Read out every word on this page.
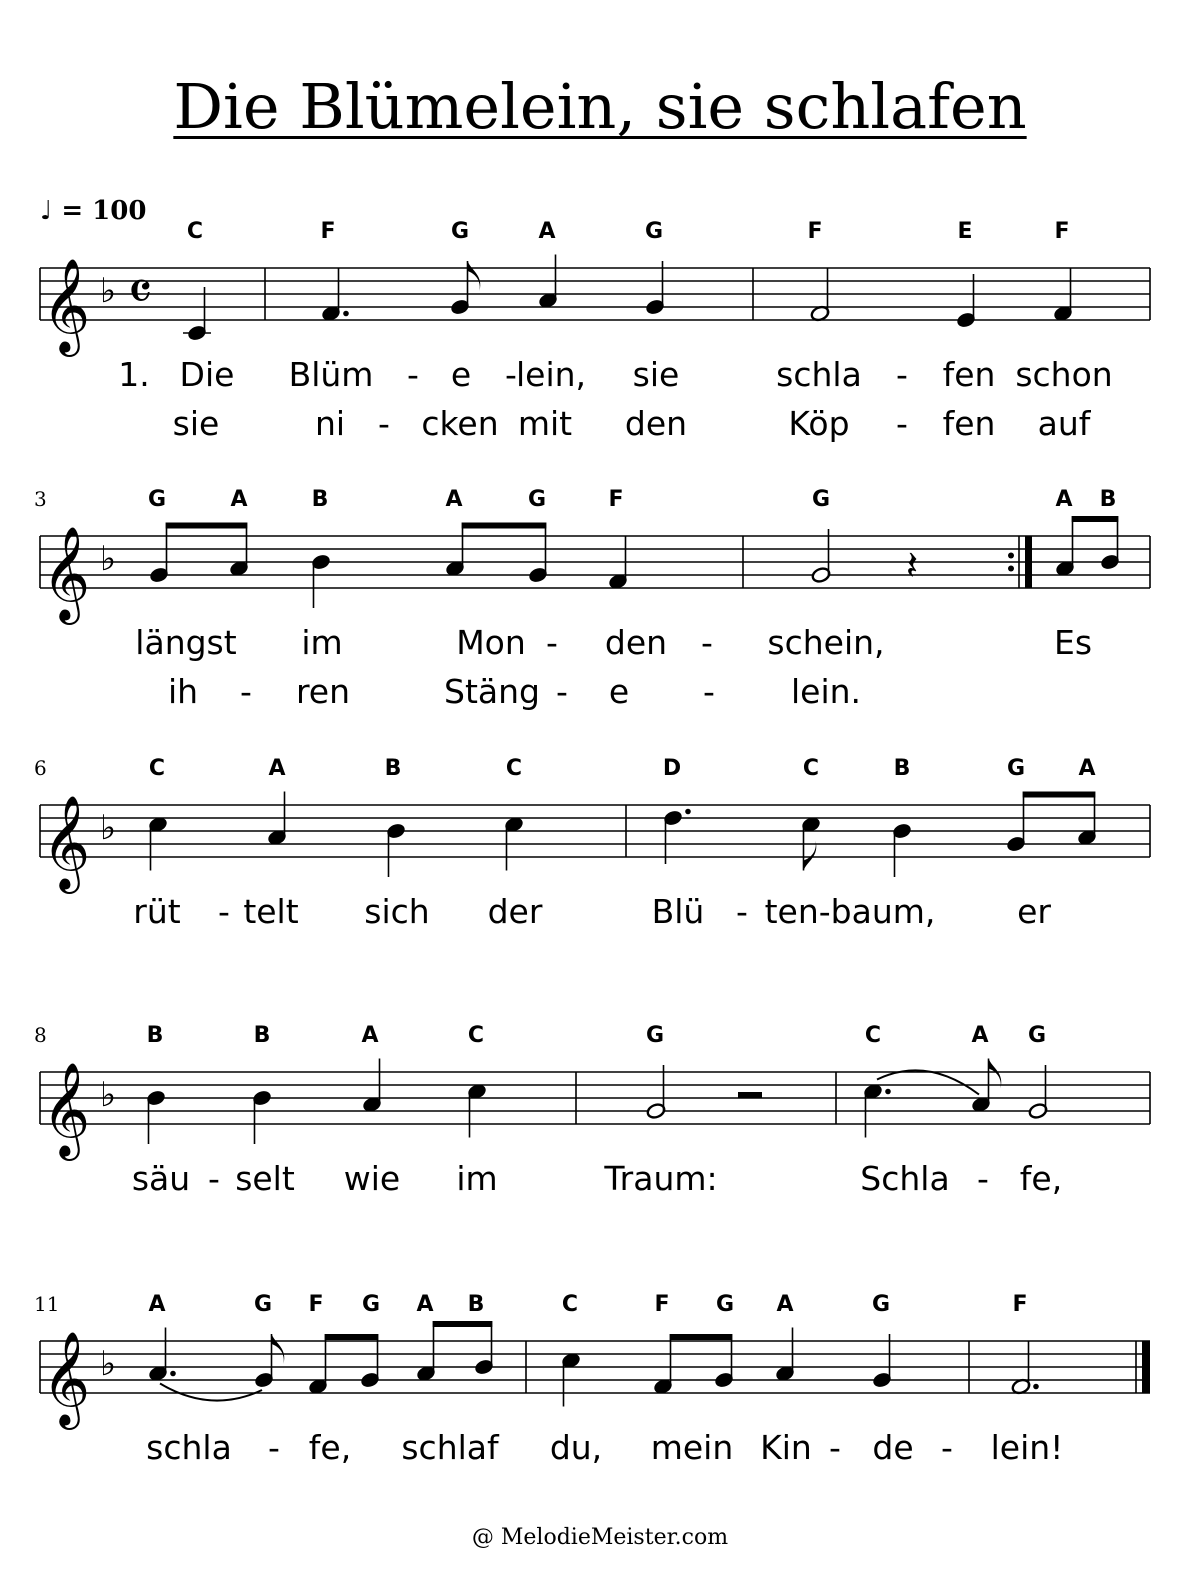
Die Blümelein, sie schlafen
♩ = 100
@ MelodieMeister.com
𝄞 ♭ 𝄴
C	F	G	A	G	F	E	F
1. Die Blüm - e - lein, sie	schla - fen schon
sie	ni - cken mit den	Köp - fen auf
𝄞 ♭
3	G	A	B	A	G	F	G	A B
längst im	Mon - den - schein,	Es
ih - ren	Stäng - e - lein.
𝄽
𝄞 ♭
6	C	A	B	C	D	C	B	G A
rüt - telt sich der	Blü - ten-baum, er
𝄞 ♭
8	B	B	A	C	G	C	A G
säu - selt wie im	Traum:	Schla - fe,
𝄞 ♭
11	A	G F G A B	C	F G A	G	F
schla - fe, schlaf du, mein Kin - de - lein!
